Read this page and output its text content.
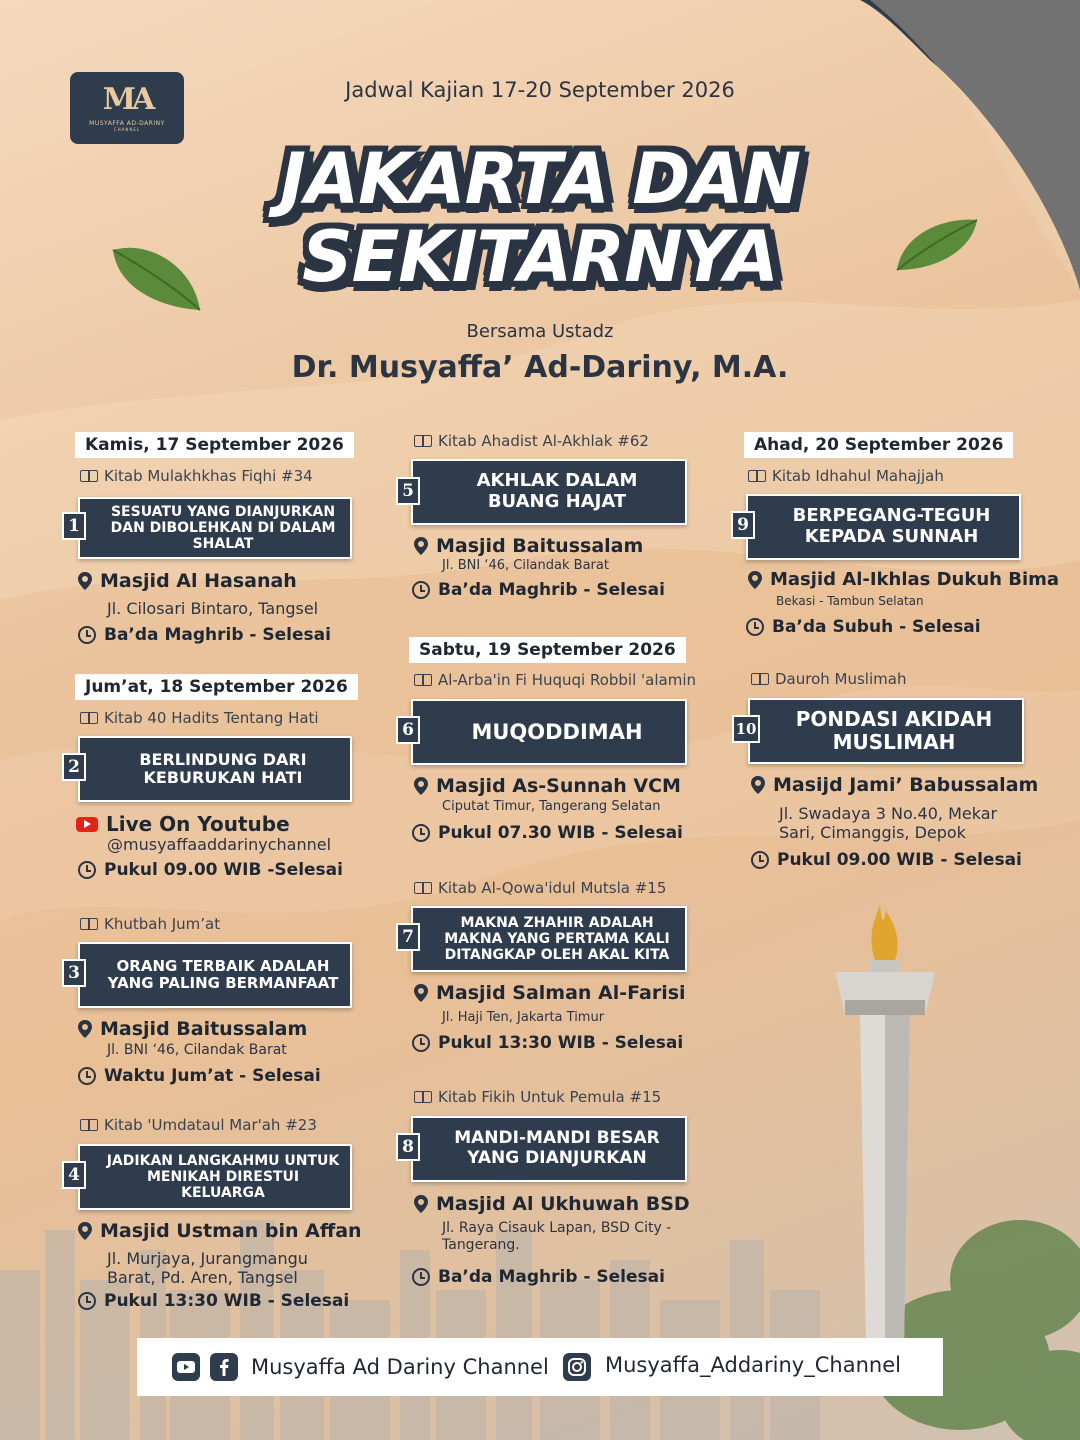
MA
MUSYAFFA AD-DARINY
CHANNEL
Jadwal Kajian 17-20 September 2026
JAKARTA DAN
SEKITARNYA
Bersama Ustadz
Dr. Musyaffa’ Ad-Dariny, M.A.
Kamis, 17 September 2026
Kitab Mulakhkhas Fiqhi #34
SESUATU YANG DIANJURKAN DAN DIBOLEHKAN DI DALAM SHALAT
1
Masjid Al Hasanah
Jl. Cilosari Bintaro, Tangsel
Ba’da Maghrib - Selesai
Jum’at, 18 September 2026
Kitab 40 Hadits Tentang Hati
BERLINDUNG DARI KEBURUKAN HATI
2
Live On Youtube
@musyaffaaddarinychannel
Pukul 09.00 WIB -Selesai
Khutbah Jum’at
ORANG TERBAIK ADALAH YANG PALING BERMANFAAT
3
Masjid Baitussalam
Jl. BNI ‘46, Cilandak Barat
Waktu Jum’at - Selesai
Kitab 'Umdataul Mar'ah #23
JADIKAN LANGKAHMU UNTUK MENIKAH DIRESTUI KELUARGA
4
Masjid Ustman bin Affan
Jl. Murjaya, Jurangmangu Barat, Pd. Aren, Tangsel
Pukul 13:30 WIB - Selesai
Kitab Ahadist Al-Akhlak #62
AKHLAK DALAM BUANG HAJAT
5
Masjid Baitussalam
Jl. BNI ‘46, Cilandak Barat
Ba’da Maghrib - Selesai
Sabtu, 19 September 2026
Al-Arba'in Fi Huquqi Robbil 'alamin
MUQODDIMAH
6
Masjid As-Sunnah VCM
Ciputat Timur, Tangerang Selatan
Pukul 07.30 WIB - Selesai
Kitab Al-Qowa'idul Mutsla #15
MAKNA ZHAHIR ADALAH MAKNA YANG PERTAMA KALI DITANGKAP OLEH AKAL KITA
7
Masjid Salman Al-Farisi
Jl. Haji Ten, Jakarta Timur
Pukul 13:30 WIB - Selesai
Kitab Fikih Untuk Pemula #15
MANDI-MANDI BESAR YANG DIANJURKAN
8
Masjid Al Ukhuwah BSD
Jl. Raya Cisauk Lapan, BSD City - Tangerang.
Ba’da Maghrib - Selesai
Ahad, 20 September 2026
Kitab Idhahul Mahajjah
BERPEGANG-TEGUH KEPADA SUNNAH
9
Masjid Al-Ikhlas Dukuh Bima
Bekasi - Tambun Selatan
Ba’da Subuh - Selesai
Dauroh Muslimah
PONDASI AKIDAH MUSLIMAH
10
Masijd Jami’ Babussalam
Jl. Swadaya 3 No.40, Mekar Sari, Cimanggis, Depok
Pukul 09.00 WIB - Selesai
Musyaffa Ad Dariny Channel	Musyaffa_Addariny_Channel
